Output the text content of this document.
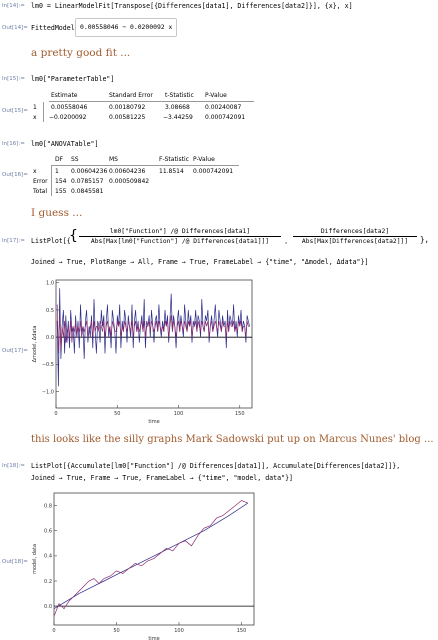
In[14]:= lm0 = LinearModelFit[Transpose[{Differences[data1], Differences[data2]}], {x}, x]
Out[14]= FittedModel 0.00558046 − 0.0200092 x
a pretty good fit ...
In[15]:= lm0["ParameterTable"]
Out[15]=
Estimate	Standard Error t-Statistic P-Value
1 0.00558046	0.00180792	3.08668	0.00240087
x −0.0200092	0.00581225	−3.44259 0.000742091
In[16]:= lm0["ANOVATable"]
Out[16]=
DF SS	MS	F-Statistic P-Value
x	1 0.00604236 0.00604236 11.8514 0.000742091
Error 154 0.0785157 0.000509842
Total 155 0.0845581
I guess ...
In[17]:= ListPlot[{
{	lm0["Function"] /@ Differences[data1]
Abs[Max[lm0["Function"] /@ Differences[data1]]]	,
Differences[data2]
Abs[Max[Differences[data2]]]	},
Joined → True, PlotRange → All, Frame → True, FrameLabel → {"time", "Δmodel, Δdata"}]
Out[17]=
0	50	100	150
−1.0
−0.5
0.0
0.5
1.0
time
Δmodel, Δdata
this looks like the silly graphs Mark Sadowski put up on Marcus Nunes' blog ...
In[18]:= ListPlot[{Accumulate[lm0["Function"] /@ Differences[data1]], Accumulate[Differences[data2]]},
Joined → True, Frame → True, FrameLabel → {"time", "model, data"}]
Out[18]=
0	50	100	150
0.0
0.2
0.4
0.6
0.8
time
model, data
